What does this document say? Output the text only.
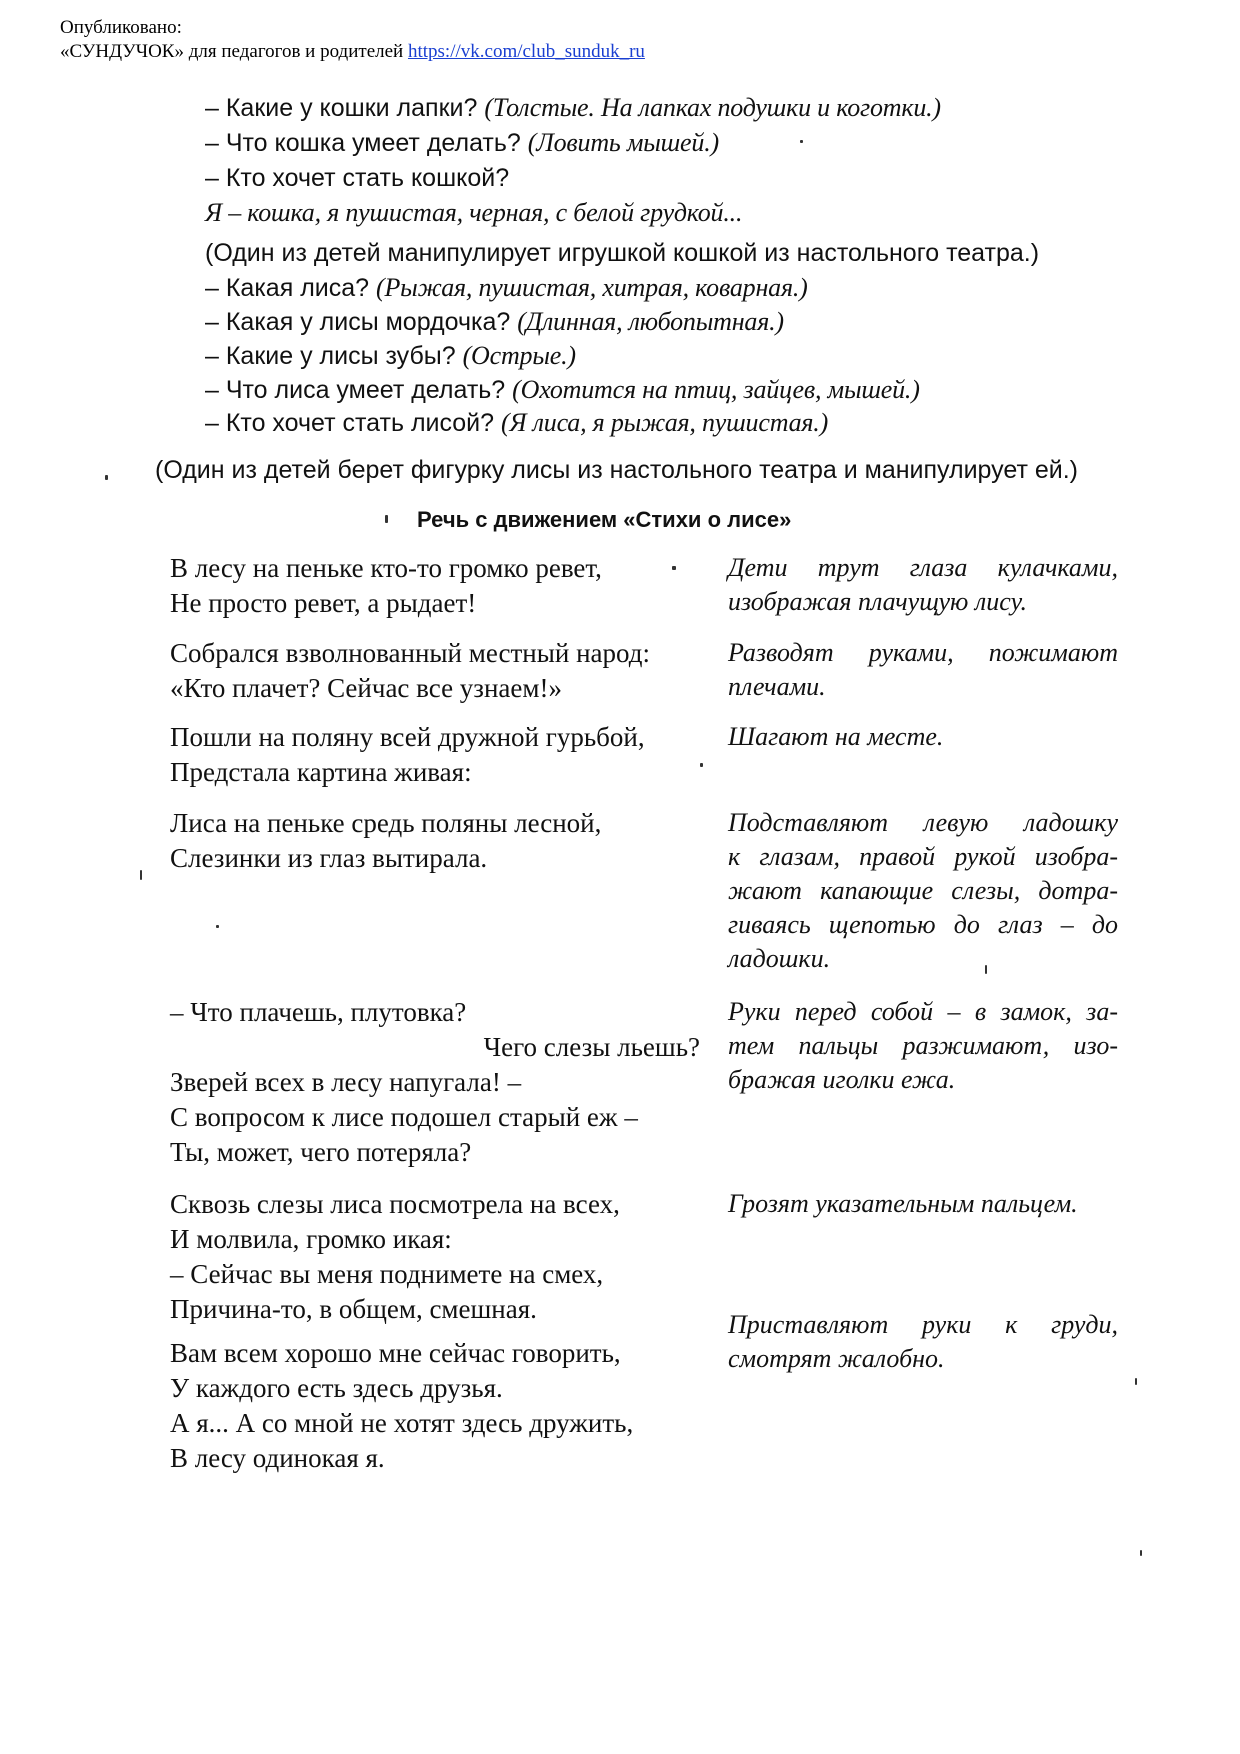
Опубликовано:
«СУНДУЧОК» для педагогов и родителей https://vk.com/club_sunduk_ru
– Какие у кошки лапки? (Толстые. На лапках подушки и коготки.)
– Что кошка умеет делать? (Ловить мышей.)
– Кто хочет стать кошкой?
Я – кошка, я пушистая, черная, с белой грудкой...
(Один из детей манипулирует игрушкой кошкой из настольного театра.)
– Какая лиса? (Рыжая, пушистая, хитрая, коварная.)
– Какая у лисы мордочка? (Длинная, любопытная.)
– Какие у лисы зубы? (Острые.)
– Что лиса умеет делать? (Охотится на птиц, зайцев, мышей.)
– Кто хочет стать лисой? (Я лиса, я рыжая, пушистая.)
(Один из детей берет фигурку лисы из настольного театра и манипулирует ей.)
Речь с движением «Стихи о лисе»
В лесу на пеньке кто-то громко ревет,
Не просто ревет, а рыдает!
Дети трут глаза кулачками,
изображая плачущую лису.
Собрался взволнованный местный народ:
«Кто плачет? Сейчас все узнаем!»
Разводят руками, пожимают
плечами.
Пошли на поляну всей дружной гурьбой,
Предстала картина живая:
Шагают на месте.
Лиса на пеньке средь поляны лесной,
Слезинки из глаз вытирала.
Подставляют левую ладошку
к глазам, правой рукой изобра-
жают капающие слезы, дотра-
гиваясь щепотью до глаз – до
ладошки.
– Что плачешь, плутовка?
Чего слезы льешь?
Зверей всех в лесу напугала! –
С вопросом к лисе подошел старый еж –
Ты, может, чего потеряла?
Руки перед собой – в замок, за-
тем пальцы разжимают, изо-
бражая иголки ежа.
Сквозь слезы лиса посмотрела на всех,
И молвила, громко икая:
– Сейчас вы меня поднимете на смех,
Причина-то, в общем, смешная.
Грозят указательным пальцем.
Приставляют руки к груди,
смотрят жалобно.
Вам всем хорошо мне сейчас говорить,
У каждого есть здесь друзья.
А я... А со мной не хотят здесь дружить,
В лесу одинокая я.
